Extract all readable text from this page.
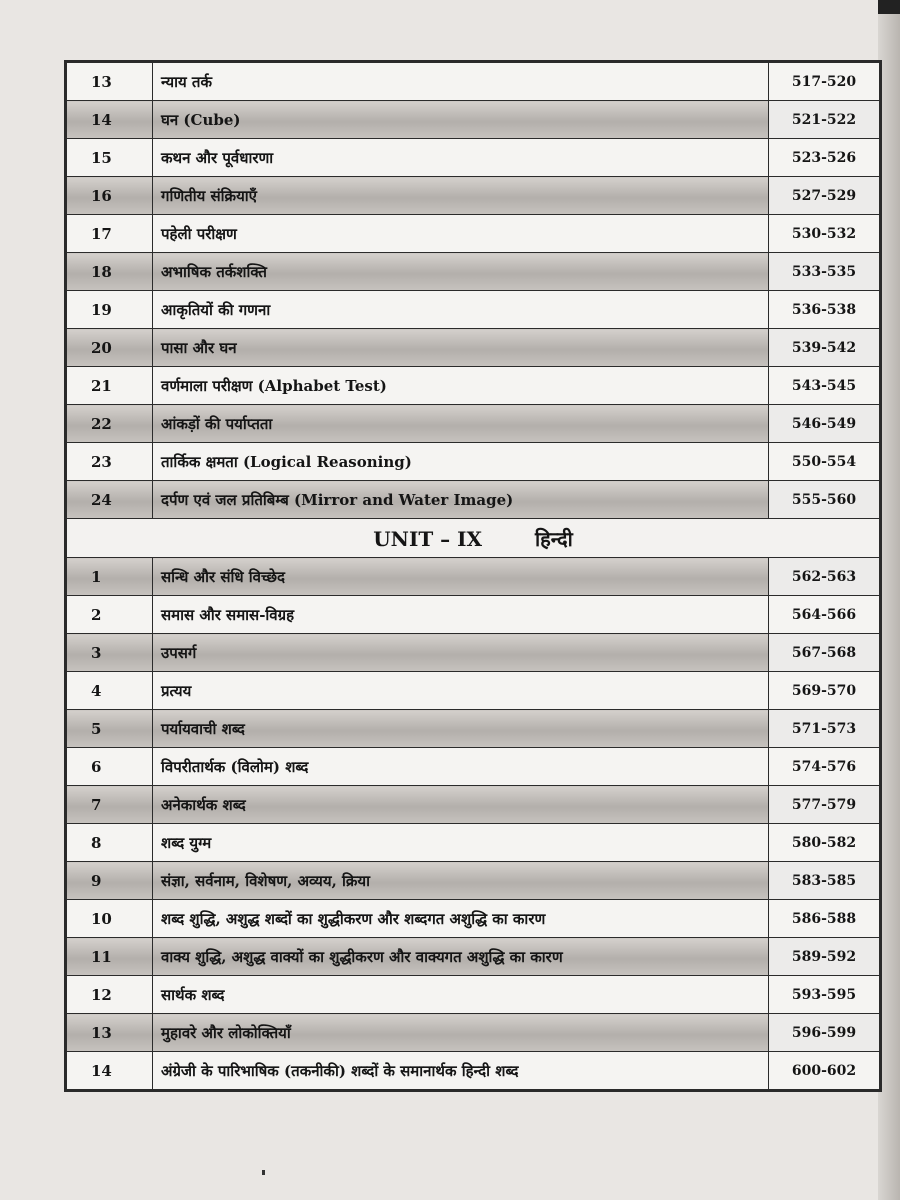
13	न्याय तर्क	517-520
14	घन (Cube)	521-522
15	कथन और पूर्वधारणा	523-526
16	गणितीय संक्रियाएँ	527-529
17	पहेली परीक्षण	530-532
18	अभाषिक तर्कशक्ति	533-535
19	आकृतियों की गणना	536-538
20	पासा और घन	539-542
21	वर्णमाला परीक्षण (Alphabet Test)	543-545
22	आंकड़ों की पर्याप्तता	546-549
23	तार्किक क्षमता (Logical Reasoning)	550-554
24	दर्पण एवं जल प्रतिबिम्ब (Mirror and Water Image)	555-560
UNIT – IX हिन्दी		
1	सन्धि और संधि विच्छेद	562-563
2	समास और समास-विग्रह	564-566
3	उपसर्ग	567-568
4	प्रत्यय	569-570
5	पर्यायवाची शब्द	571-573
6	विपरीतार्थक (विलोम) शब्द	574-576
7	अनेकार्थक शब्द	577-579
8	शब्द युग्म	580-582
9	संज्ञा, सर्वनाम, विशेषण, अव्यय, क्रिया	583-585
10	शब्द शुद्धि, अशुद्ध शब्दों का शुद्धीकरण और शब्दगत अशुद्धि का कारण	586-588
11	वाक्य शुद्धि, अशुद्ध वाक्यों का शुद्धीकरण और वाक्यगत अशुद्धि का कारण	589-592
12	सार्थक शब्द	593-595
13	मुहावरे और लोकोक्तियाँ	596-599
14	अंग्रेजी के पारिभाषिक (तकनीकी) शब्दों के समानार्थक हिन्दी शब्द	600-602
